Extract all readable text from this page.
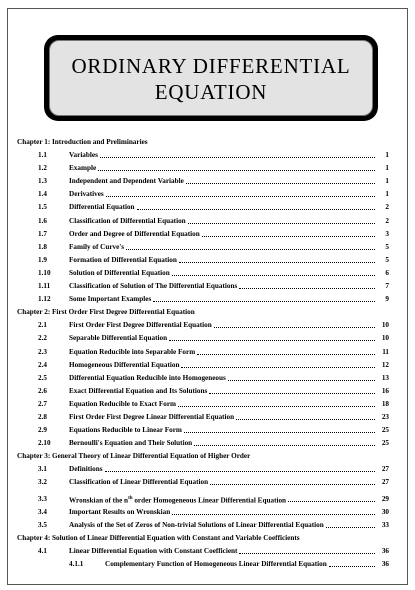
ORDINARY DIFFERENTIAL
EQUATION
Chapter 1: Introduction and Preliminaries
1.1	Variables	1
1.2	Example	1
1.3	Independent and Dependent Variable	1
1.4	Derivatives	1
1.5	Differential Equation	2
1.6	Classification of Differential Equation	2
1.7	Order and Degree of Differential Equation	3
1.8	Family of Curve's	5
1.9	Formation of Differential Equation	5
1.10	Solution of Differential Equation	6
1.11	Classification of Solution of The Differential Equations	7
1.12	Some Important Examples	9
Chapter 2: First Order First Degree Differential Equation
2.1	First Order First Degree Differential Equation	10
2.2	Separable Differential Equation	10
2.3	Equation Reducible into Separable Form	11
2.4	Homogeneous Differential Equation	12
2.5	Differential Equation Reducible into Homogeneous	13
2.6	Exact Differential Equation and Its Solutions	16
2.7	Equation Reducible to Exact Form	18
2.8	First Order First Degree Linear Differential Equation	23
2.9	Equations Reducible to Linear Form	25
2.10	Bernoulli's Equation and Their Solution	25
Chapter 3: General Theory of Linear Differential Equation of Higher Order
3.1	Definitions	27
3.2	Classification of Linear Differential Equation	27
3.3	Wronskian of the $n^{th}$ order Homogeneous Linear Differential Equation	29
3.4	Important Results on Wronskian	30
3.5	Analysis of the Set of Zeros of Non-trivial Solutions of Linear Differential Equation	33
Chapter 4: Solution of Linear Differential Equation with Constant and Variable Coefficients
4.1	Linear Differential Equation with Constant Coefficient	36
4.1.1	Complementary Function of Homogeneous Linear Differential Equation	36
